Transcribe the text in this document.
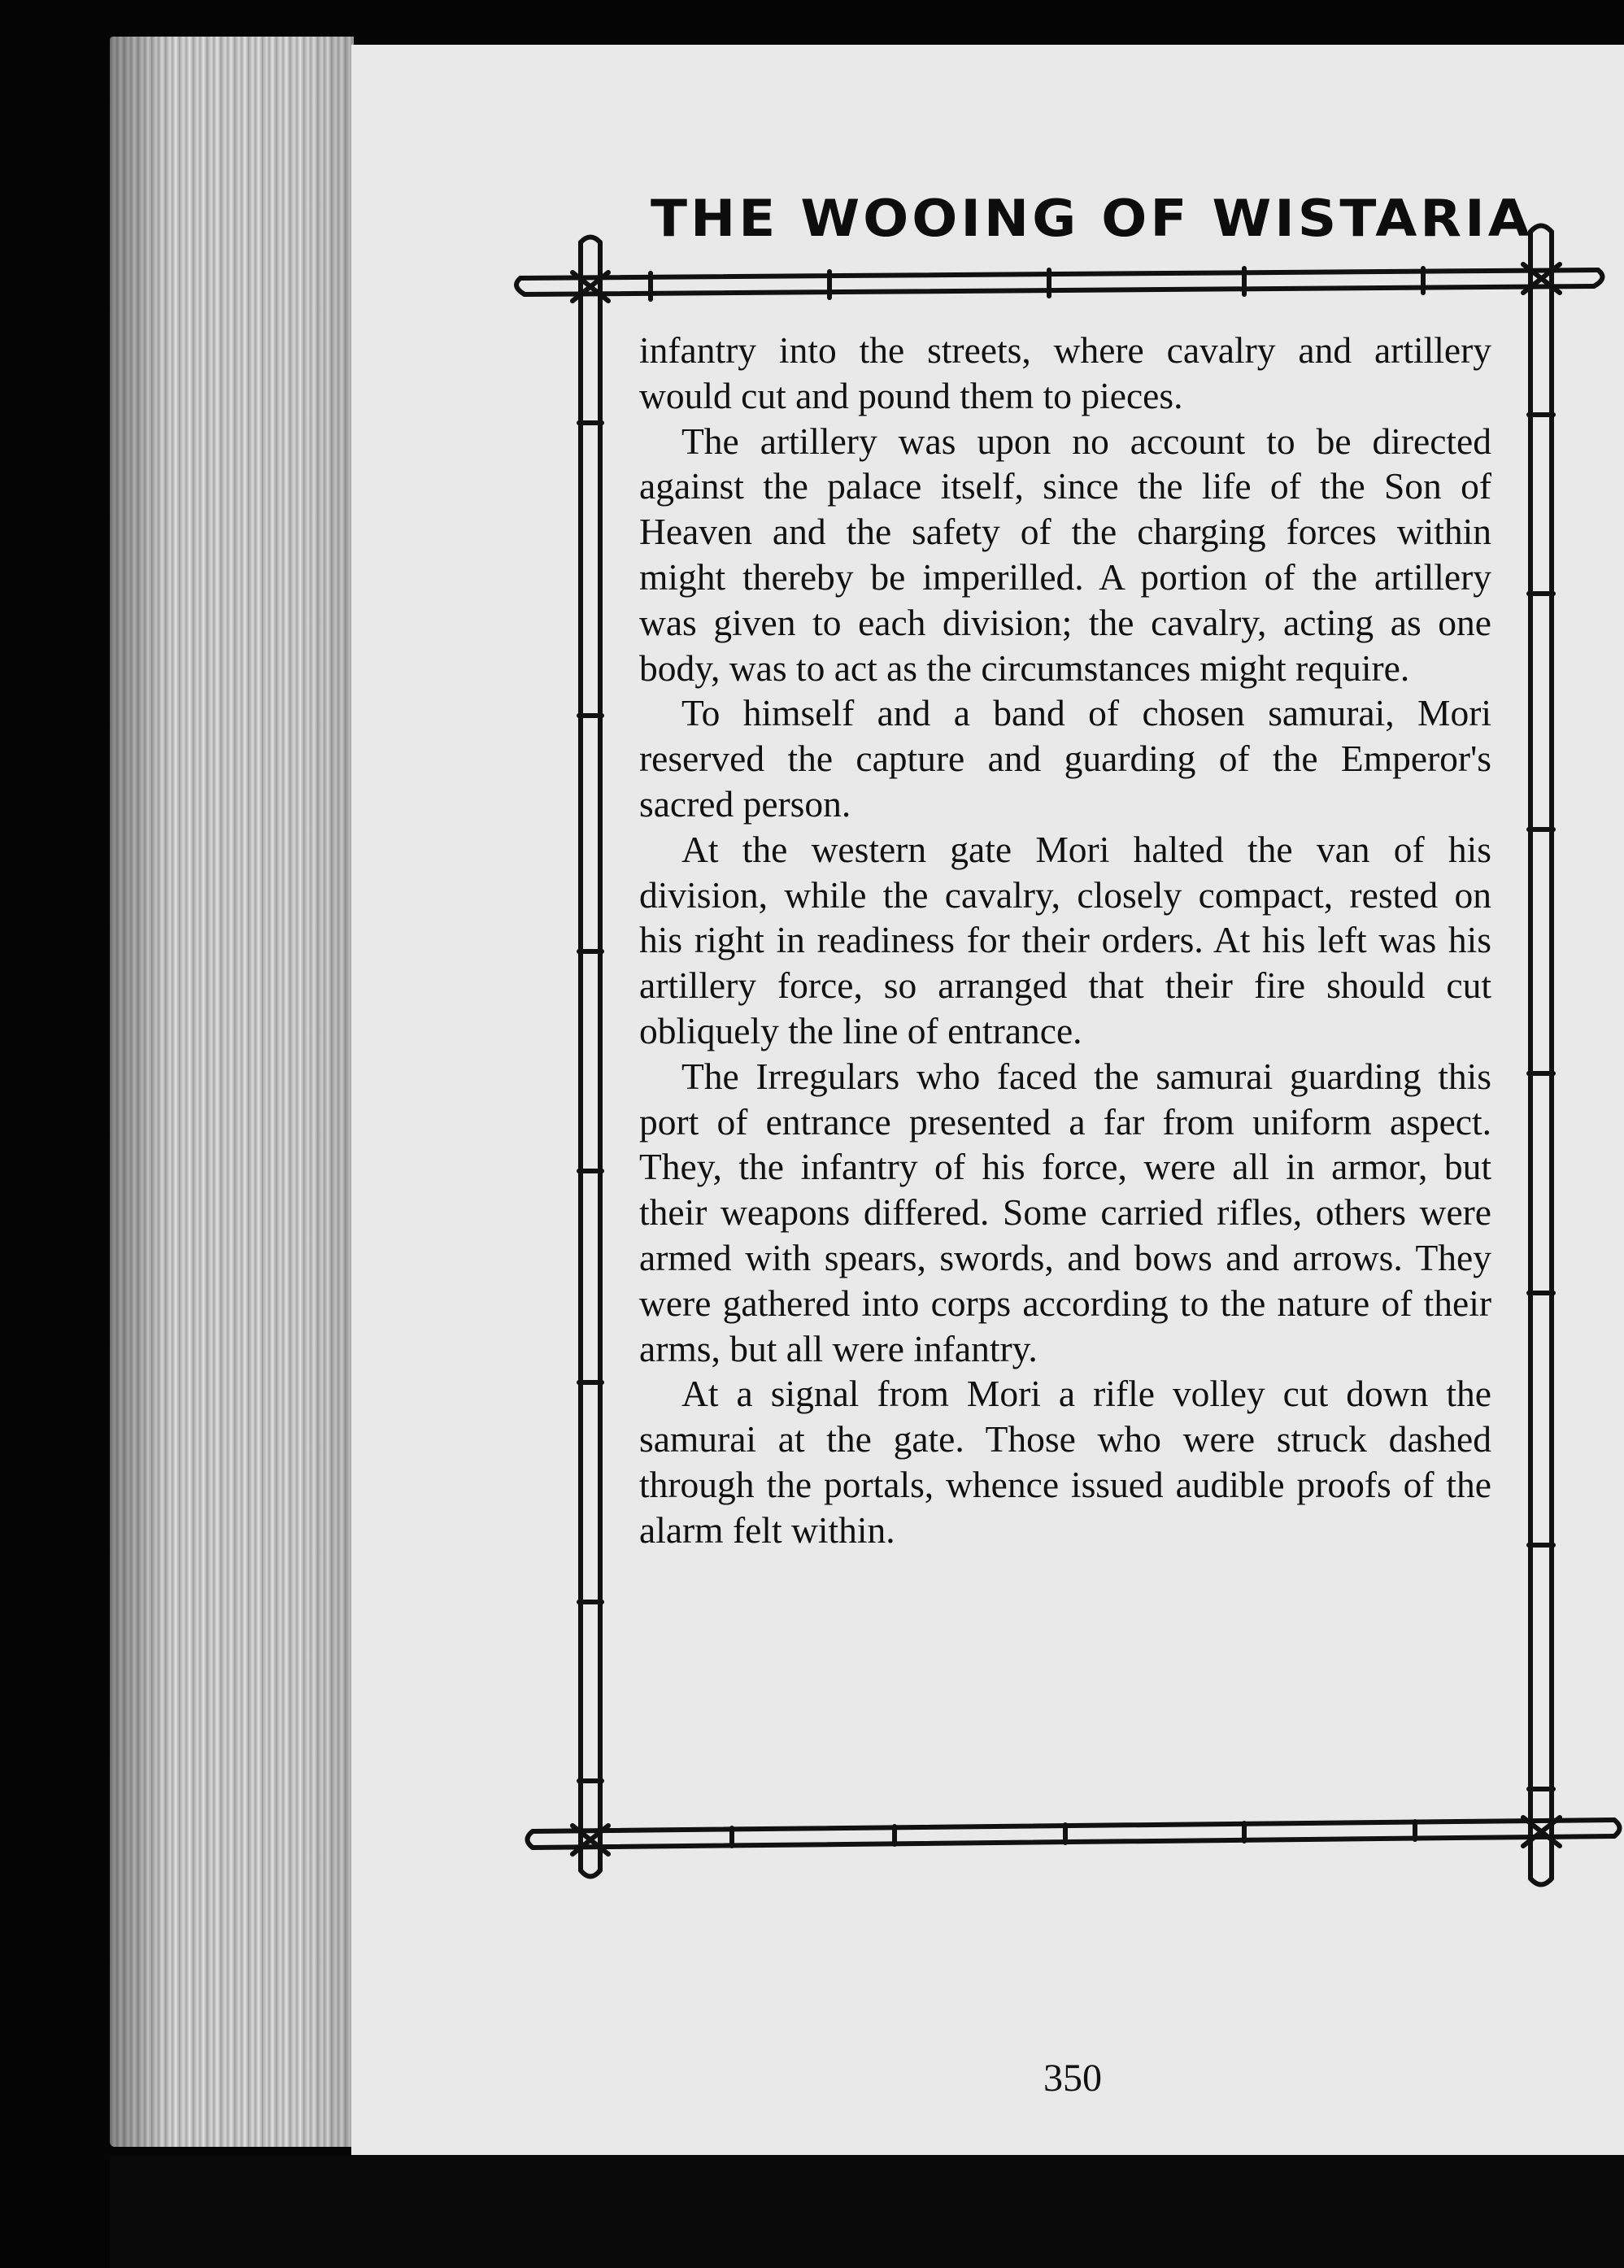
THE WOOING OF WISTARIA

infantry into the streets, where cavalry and artillery would cut and pound them to pieces.

The artillery was upon no account to be directed against the palace itself, since the life of the Son of Heaven and the safety of the charging forces within might thereby be imperilled. A portion of the artillery was given to each division; the cavalry, acting as one body, was to act as the circumstances might require.

To himself and a band of chosen samurai, Mori reserved the capture and guarding of the Emperor's sacred person.

At the western gate Mori halted the van of his division, while the cavalry, closely compact, rested on his right in readiness for their orders. At his left was his artillery force, so arranged that their fire should cut obliquely the line of entrance.

The Irregulars who faced the samurai guarding this port of entrance presented a far from uniform aspect. They, the infantry of his force, were all in armor, but their weapons differed. Some carried rifles, others were armed with spears, swords, and bows and arrows. They were gathered into corps according to the nature of their arms, but all were infantry.

At a signal from Mori a rifle volley cut down the samurai at the gate. Those who were struck dashed through the portals, whence issued audible proofs of the alarm felt within.

350
